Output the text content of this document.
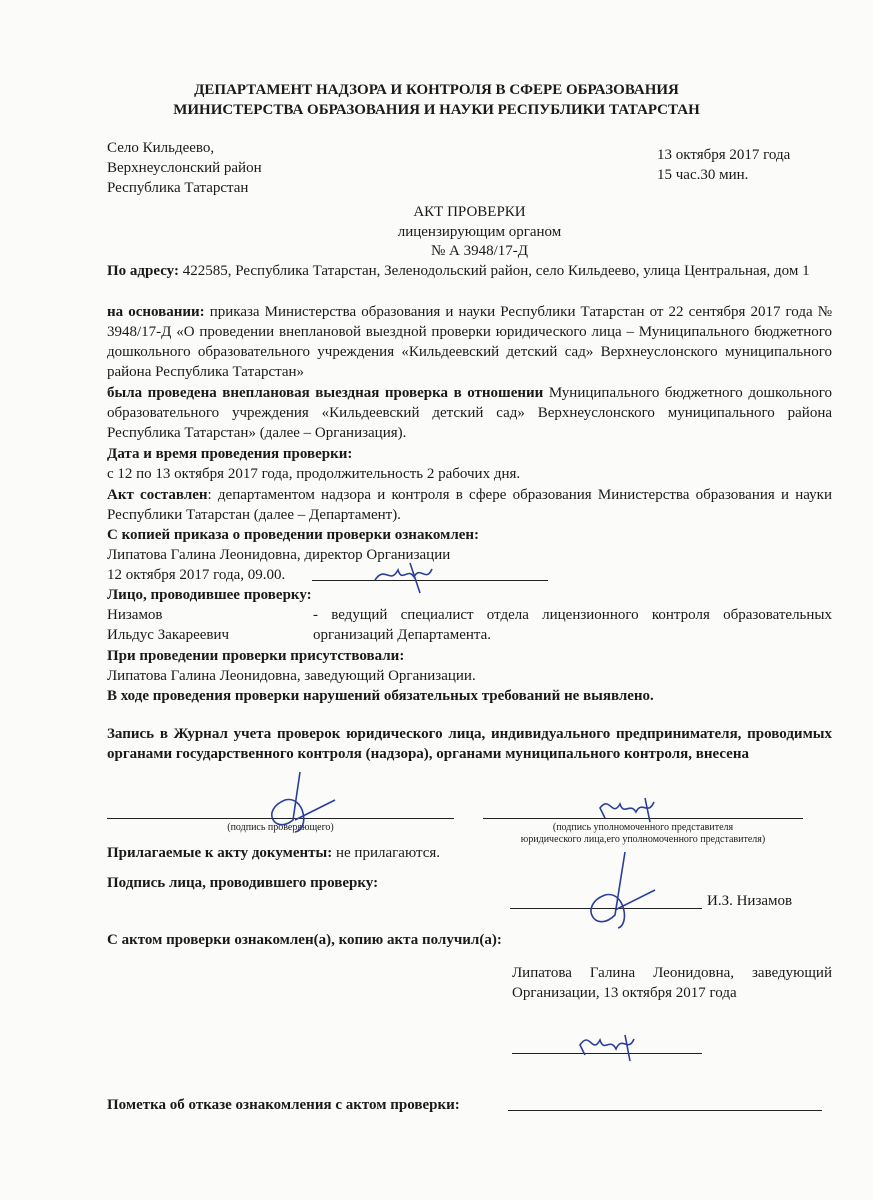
ДЕПАРТАМЕНТ НАДЗОРА И КОНТРОЛЯ В СФЕРЕ ОБРАЗОВАНИЯ
МИНИСТЕРСТВА ОБРАЗОВАНИЯ И НАУКИ РЕСПУБЛИКИ ТАТАРСТАН
Село Кильдеево,
Верхнеуслонский район
Республика Татарстан
13 октября 2017 года
15 час.30 мин.
АКТ ПРОВЕРКИ
лицензирующим органом
№ А 3948/17-Д
По адресу: 422585, Республика Татарстан, Зеленодольский район, село Кильдеево, улица Центральная, дом 1
на основании: приказа Министерства образования и науки Республики Татарстан от 22 сентября 2017 года № 3948/17-Д «О проведении внеплановой выездной проверки юридического лица – Муниципального бюджетного дошкольного образовательного учреждения «Кильдеевский детский сад» Верхнеуслонского муниципального района Республика Татарстан»
была проведена внеплановая выездная проверка в отношении Муниципального бюджетного дошкольного образовательного учреждения «Кильдеевский детский сад» Верхнеуслонского муниципального района Республика Татарстан» (далее – Организация).
Дата и время проведения проверки:
с 12 по 13 октября 2017 года, продолжительность 2 рабочих дня.
Акт составлен: департаментом надзора и контроля в сфере образования Министерства образования и науки Республики Татарстан (далее – Департамент).
С копией приказа о проведении проверки ознакомлен:
Липатова Галина Леонидовна, директор Организации
12 октября 2017 года, 09.00.
Лицо, проводившее проверку:
Низамов
Ильдус Закареевич
- ведущий специалист отдела лицензионного контроля образовательных организаций Департамента.
При проведении проверки присутствовали:
Липатова Галина Леонидовна, заведующий Организации.
В ходе проведения проверки нарушений обязательных требований не выявлено.
Запись в Журнал учета проверок юридического лица, индивидуального предпринимателя, проводимых органами государственного контроля (надзора), органами муниципального контроля, внесена
(подпись проверяющего)	(подпись уполномоченного представителя
юридического лица,его уполномоченного представителя)
Прилагаемые к акту документы: не прилагаются.
Подпись лица, проводившего проверку:
И.З. Низамов
С актом проверки ознакомлен(а), копию акта получил(а):
Липатова Галина Леонидовна, заведующий Организации, 13 октября 2017 года
Пометка об отказе ознакомления с актом проверки:
